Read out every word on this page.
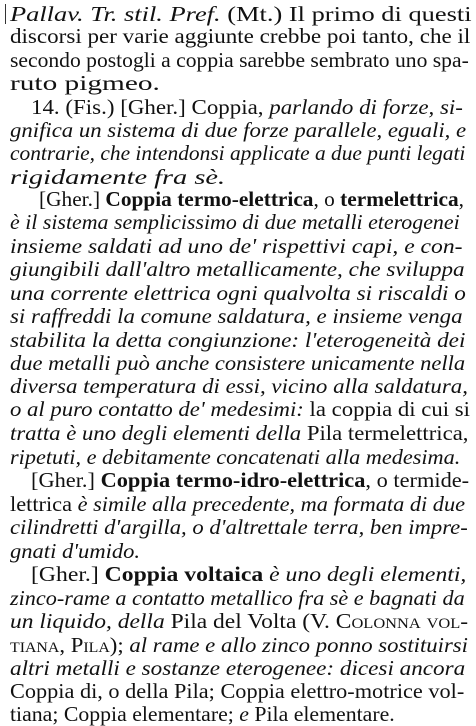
Pallav. Tr. stil. Pref. (Mt.) Il primo di questi
discorsi per varie aggiunte crebbe poi tanto, che il
secondo postogli a coppia sarebbe sembrato uno spa-
ruto pigmeo.
14. (Fis.) [Gher.] Coppia, parlando di forze, si-
gnifica un sistema di due forze parallele, eguali, e
contrarie, che intendonsi applicate a due punti legati
rigidamente fra sè.
[Gher.] Coppia termo-elettrica, o termelettrica,
è il sistema semplicissimo di due metalli eterogenei
insieme saldati ad uno de' rispettivi capi, e con-
giungibili dall'altro metallicamente, che sviluppa
una corrente elettrica ogni qualvolta si riscaldi o
si raffreddi la comune saldatura, e insieme venga
stabilita la detta congiunzione: l'eterogeneità dei
due metalli può anche consistere unicamente nella
diversa temperatura di essi, vicino alla saldatura,
o al puro contatto de' medesimi: la coppia di cui si
tratta è uno degli elementi della Pila termelettrica,
ripetuti, e debitamente concatenati alla medesima.
[Gher.] Coppia termo-idro-elettrica, o termide-
lettrica è simile alla precedente, ma formata di due
cilindretti d'argilla, o d'altrettale terra, ben impre-
gnati d'umido.
[Gher.] Coppia voltaica è uno degli elementi,
zinco-rame a contatto metallico fra sè e bagnati da
un liquido, della Pila del Volta (V. Colonna vol-
tiana, Pila); al rame e allo zinco ponno sostituirsi
altri metalli e sostanze eterogenee: dicesi ancora
Coppia di, o della Pila; Coppia elettro-motrice vol-
tiana; Coppia elementare; e Pila elementare.
